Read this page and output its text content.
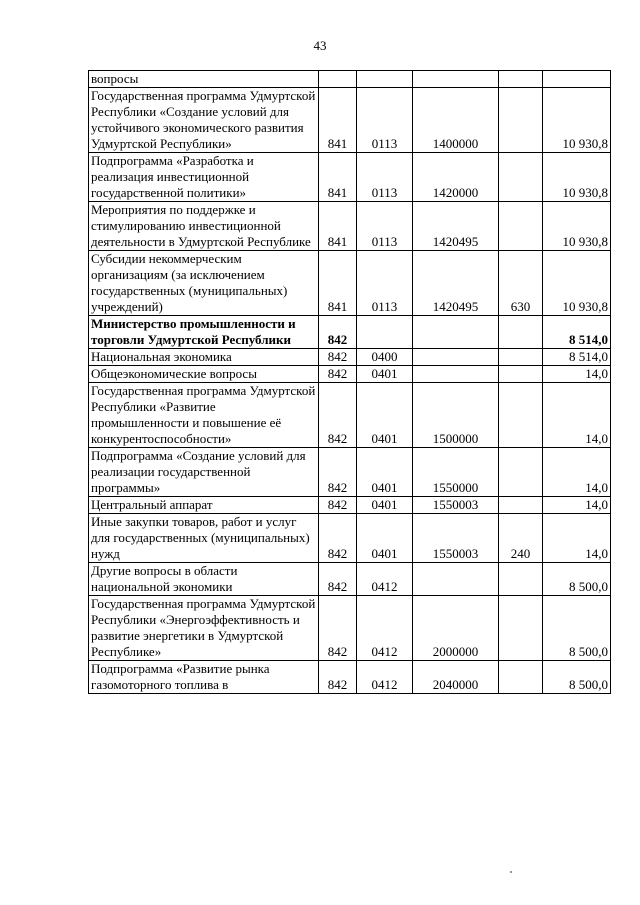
43
вопросы					
Государственная программа Удмуртской Республики «Создание условий для устойчивого экономического развития Удмуртской Республики»	841	0113	1400000		10 930,8
Подпрограмма «Разработка и реализация инвестиционной государственной политики»	841	0113	1420000		10 930,8
Мероприятия по поддержке и стимулированию инвестиционной деятельности в Удмуртской Республике	841	0113	1420495		10 930,8
Субсидии некоммерческим организациям (за исключением государственных (муниципальных) учреждений)	841	0113	1420495	630	10 930,8
Министерство промышленности и торговли Удмуртской Республики	842				8 514,0
Национальная экономика	842	0400			8 514,0
Общеэкономические вопросы	842	0401			14,0
Государственная программа Удмуртской Республики «Развитие промышленности и повышение её конкурентоспособности»	842	0401	1500000		14,0
Подпрограмма «Создание условий для реализации государственной программы»	842	0401	1550000		14,0
Центральный аппарат	842	0401	1550003		14,0
Иные закупки товаров, работ и услуг для государственных (муниципальных) нужд	842	0401	1550003	240	14,0
Другие вопросы в области национальной экономики	842	0412			8 500,0
Государственная программа Удмуртской Республики «Энергоэффективность и развитие энергетики в Удмуртской Республике»	842	0412	2000000		8 500,0
Подпрограмма «Развитие рынка газомоторного топлива в	842	0412	2040000		8 500,0
